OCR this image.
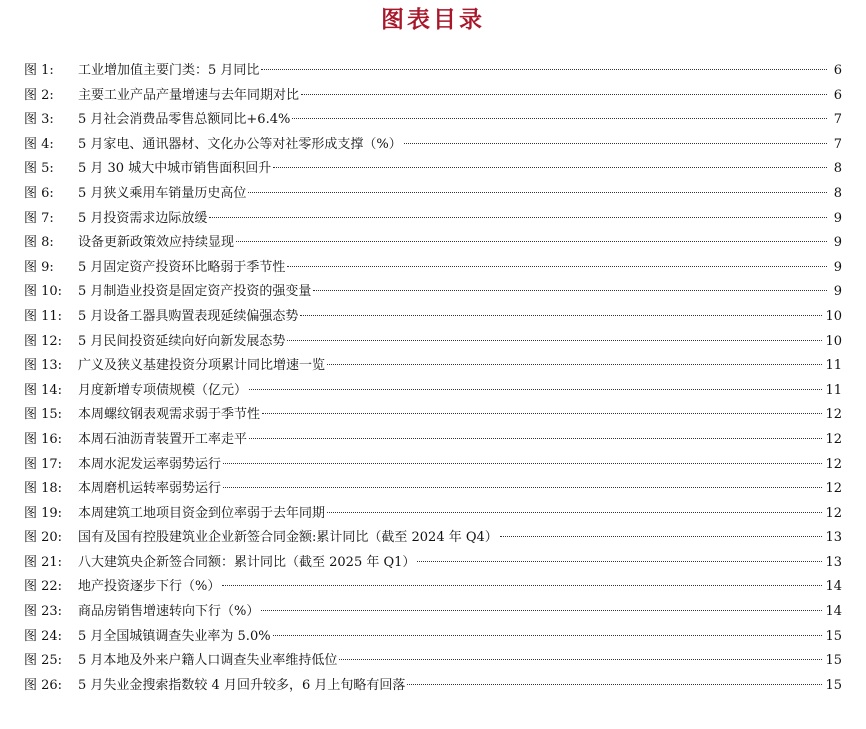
图表目录
图 1:	工业增加值主要门类：5 月同比	6
图 2:	主要工业产品产量增速与去年同期对比	6
图 3:	5 月社会消费品零售总额同比+6.4%	7
图 4:	5 月家电、通讯器材、文化办公等对社零形成支撑（%）	7
图 5:	5 月 30 城大中城市销售面积回升	8
图 6:	5 月狭义乘用车销量历史高位	8
图 7:	5 月投资需求边际放缓	9
图 8:	设备更新政策效应持续显现	9
图 9:	5 月固定资产投资环比略弱于季节性	9
图 10:	5 月制造业投资是固定资产投资的强变量	9
图 11:	5 月设备工器具购置表现延续偏强态势	10
图 12:	5 月民间投资延续向好向新发展态势	10
图 13:	广义及狭义基建投资分项累计同比增速一览	11
图 14:	月度新增专项债规模（亿元）	11
图 15:	本周螺纹钢表观需求弱于季节性	12
图 16:	本周石油沥青装置开工率走平	12
图 17:	本周水泥发运率弱势运行	12
图 18:	本周磨机运转率弱势运行	12
图 19:	本周建筑工地项目资金到位率弱于去年同期	12
图 20:	国有及国有控股建筑业企业新签合同金额:累计同比（截至 2024 年 Q4）	13
图 21:	八大建筑央企新签合同额：累计同比（截至 2025 年 Q1）	13
图 22:	地产投资逐步下行（%）	14
图 23:	商品房销售增速转向下行（%）	14
图 24:	5 月全国城镇调查失业率为 5.0%	15
图 25:	5 月本地及外来户籍人口调查失业率维持低位	15
图 26:	5 月失业金搜索指数较 4 月回升较多，6 月上旬略有回落	15
